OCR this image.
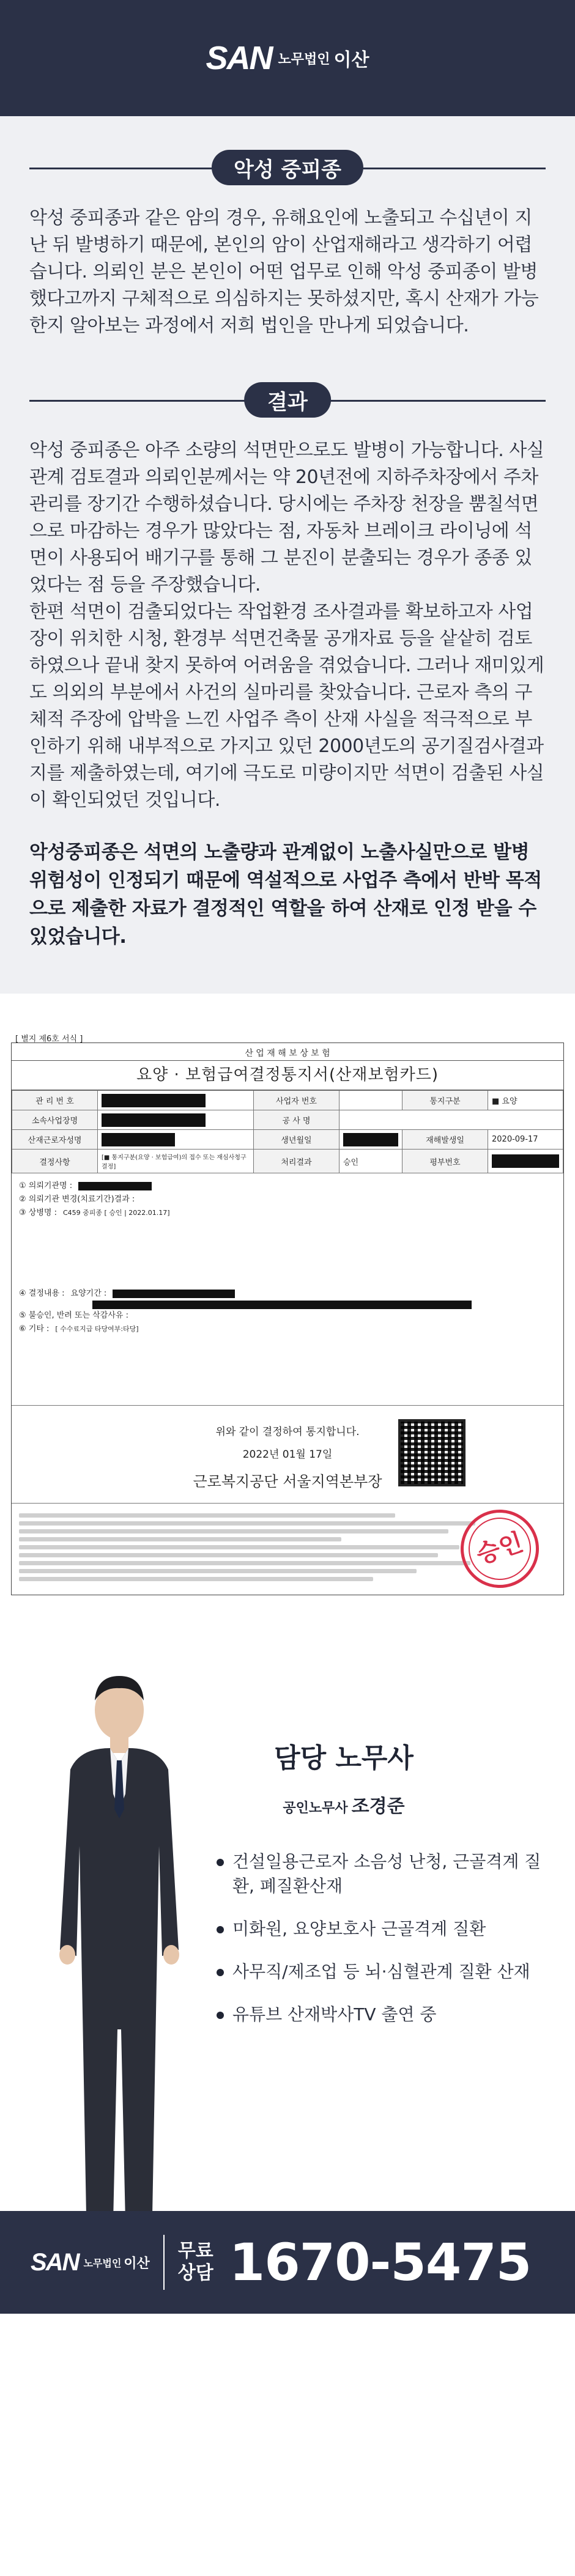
SAN 노무법인 이산
악성 중피종

악성 중피종과 같은 암의 경우, 유해요인에 노출되고 수십년이 지난 뒤 발병하기 때문에, 본인의 암이 산업재해라고 생각하기 어렵습니다. 의뢰인 분은 본인이 어떤 업무로 인해 악성 중피종이 발병했다고까지 구체적으로 의심하지는 못하셨지만, 혹시 산재가 가능한지 알아보는 과정에서 저희 법인을 만나게 되었습니다.

결과

악성 중피종은 아주 소량의 석면만으로도 발병이 가능합니다. 사실관계 검토결과 의뢰인분께서는 약 20년전에 지하주차장에서 주차관리를 장기간 수행하셨습니다. 당시에는 주차장 천장을 뿜칠석면으로 마감하는 경우가 많았다는 점, 자동차 브레이크 라이닝에 석면이 사용되어 배기구를 통해 그 분진이 분출되는 경우가 종종 있었다는 점 등을 주장했습니다.

한편 석면이 검출되었다는 작업환경 조사결과를 확보하고자 사업장이 위치한 시청, 환경부 석면건축물 공개자료 등을 샅샅히 검토하였으나 끝내 찾지 못하여 어려움을 겪었습니다. 그러나 재미있게도 의외의 부분에서 사건의 실마리를 찾았습니다. 근로자 측의 구체적 주장에 압박을 느낀 사업주 측이 산재 사실을 적극적으로 부인하기 위해 내부적으로 가지고 있던 2000년도의 공기질검사결과지를 제출하였는데, 여기에 극도로 미량이지만 석면이 검출된 사실이 확인되었던 것입니다.

악성중피종은 석면의 노출량과 관계없이 노출사실만으로 발병 위험성이 인정되기 때문에 역설적으로 사업주 측에서 반박 목적으로 제출한 자료가 결정적인 역할을 하여 산재로 인정 받을 수 있었습니다.
[ 별지 제6호 서식 ]
산 업 재 해 보 상 보 험
요양 · 보험급여결정통지서(산재보험카드)
관 리 번 호		사업자 번호		통지구분	■ 요양
소속사업장명		공 사 명			
산재근로자성명		생년월일		재해발생일	2020-09-17
결정사항	[■ 통지구분(요양 · 보험급여)의 접수 또는 재심사청구 결정]	처리결과	승인	평부번호	
① 의뢰기관명 :
② 의뢰기관 변경(치료기간)결과 :
③ 상병명 : C459 중피종 [ 승인 | 2022.01.17]
④ 결정내용 : 요양기간 :
⑤ 불승인, 반려 또는 삭감사유 :
⑥ 기타 : [ 수수료지급 타당여부:타당]
위와 같이 결정하여 통지합니다.
2022년 01월 17일
근로복지공단 서울지역본부장
승인
담당 노무사
공인노무사 조경준
건설일용근로자 소음성 난청, 근골격계 질환, 폐질환산재
미화원, 요양보호사 근골격계 질환
사무직/제조업 등 뇌·심혈관계 질환 산재
유튜브 산재박사TV 출연 중
SAN 노무법인 이산
무료
상담 1670-5475
